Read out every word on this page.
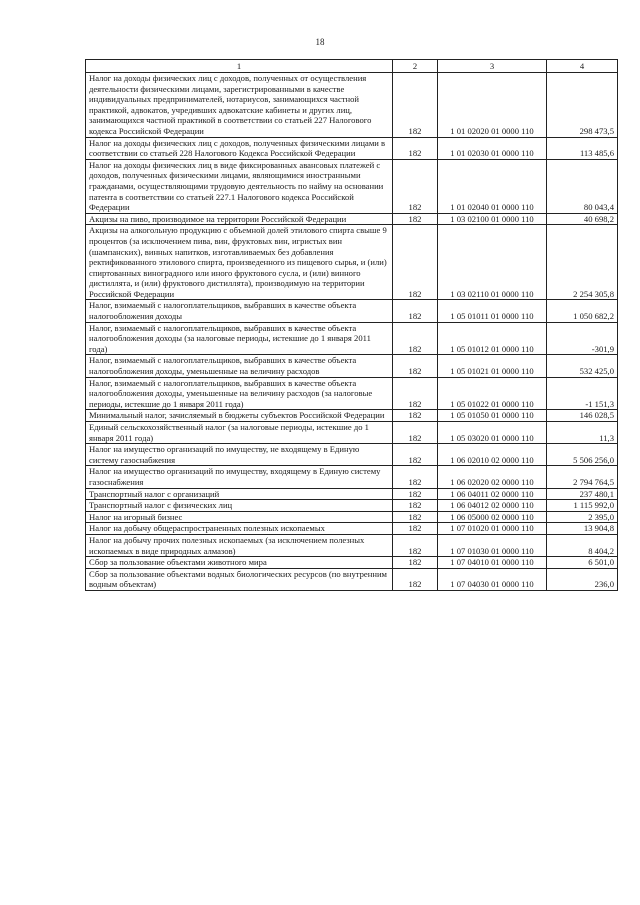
18
1	2	3	4
Налог на доходы физических лиц с доходов, полученных от осуществления деятельности физическими лицами, зарегистрированными в качестве индивидуальных предпринимателей, нотариусов, занимающихся частной практикой, адвокатов, учредивших адвокатские кабинеты и других лиц, занимающихся частной практикой в соответствии со статьей 227 Налогового кодекса Российской Федерации	182	1 01 02020 01 0000 110	298 473,5
Налог на доходы физических лиц с доходов, полученных физическими лицами в соответствии со статьей 228 Налогового Кодекса Российской Федерации	182	1 01 02030 01 0000 110	113 485,6
Налог на доходы физических лиц в виде фиксированных авансовых платежей с доходов, полученных физическими лицами, являющимися иностранными гражданами, осуществляющими трудовую деятельность по найму на основании патента в соответствии со статьей 227.1 Налогового кодекса Российской Федерации	182	1 01 02040 01 0000 110	80 043,4
Акцизы на пиво, производимое на территории Российской Федерации	182	1 03 02100 01 0000 110	40 698,2
Акцизы на алкогольную продукцию с объемной долей этилового спирта свыше 9 процентов (за исключением пива, вин, фруктовых вин, игристых вин (шампанских), винных напитков, изготавливаемых без добавления ректификованного этилового спирта, произведенного из пищевого сырья, и (или) спиртованных виноградного или иного фруктового сусла, и (или) винного дистиллята, и (или) фруктового дистиллята), производимую на территории Российской Федерации	182	1 03 02110 01 0000 110	2 254 305,8
Налог, взимаемый с налогоплательщиков, выбравших в качестве объекта налогообложения доходы	182	1 05 01011 01 0000 110	1 050 682,2
Налог, взимаемый с налогоплательщиков, выбравших в качестве объекта налогообложения доходы (за налоговые периоды, истекшие до 1 января 2011 года)	182	1 05 01012 01 0000 110	-301,9
Налог, взимаемый с налогоплательщиков, выбравших в качестве объекта налогообложения доходы, уменьшенные на величину расходов	182	1 05 01021 01 0000 110	532 425,0
Налог, взимаемый с налогоплательщиков, выбравших в качестве объекта налогообложения доходы, уменьшенные на величину расходов (за налоговые периоды, истекшие до 1 января 2011 года)	182	1 05 01022 01 0000 110	-1 151,3
Минимальный налог, зачисляемый в бюджеты субъектов Российской Федерации	182	1 05 01050 01 0000 110	146 028,5
Единый сельскохозяйственный налог (за налоговые периоды, истекшие до 1 января 2011 года)	182	1 05 03020 01 0000 110	11,3
Налог на имущество организаций по имуществу, не входящему в Единую систему газоснабжения	182	1 06 02010 02 0000 110	5 506 256,0
Налог на имущество организаций по имуществу, входящему в Единую систему газоснабжения	182	1 06 02020 02 0000 110	2 794 764,5
Транспортный налог с организаций	182	1 06 04011 02 0000 110	237 480,1
Транспортный налог с физических лиц	182	1 06 04012 02 0000 110	1 115 992,0
Налог на игорный бизнес	182	1 06 05000 02 0000 110	2 395,0
Налог на добычу общераспространенных полезных ископаемых	182	1 07 01020 01 0000 110	13 904,8
Налог на добычу прочих полезных ископаемых (за исключением полезных ископаемых в виде природных алмазов)	182	1 07 01030 01 0000 110	8 404,2
Сбор за пользование объектами животного мира	182	1 07 04010 01 0000 110	6 501,0
Сбор за пользование объектами водных биологических ресурсов (по внутренним водным объектам)	182	1 07 04030 01 0000 110	236,0
